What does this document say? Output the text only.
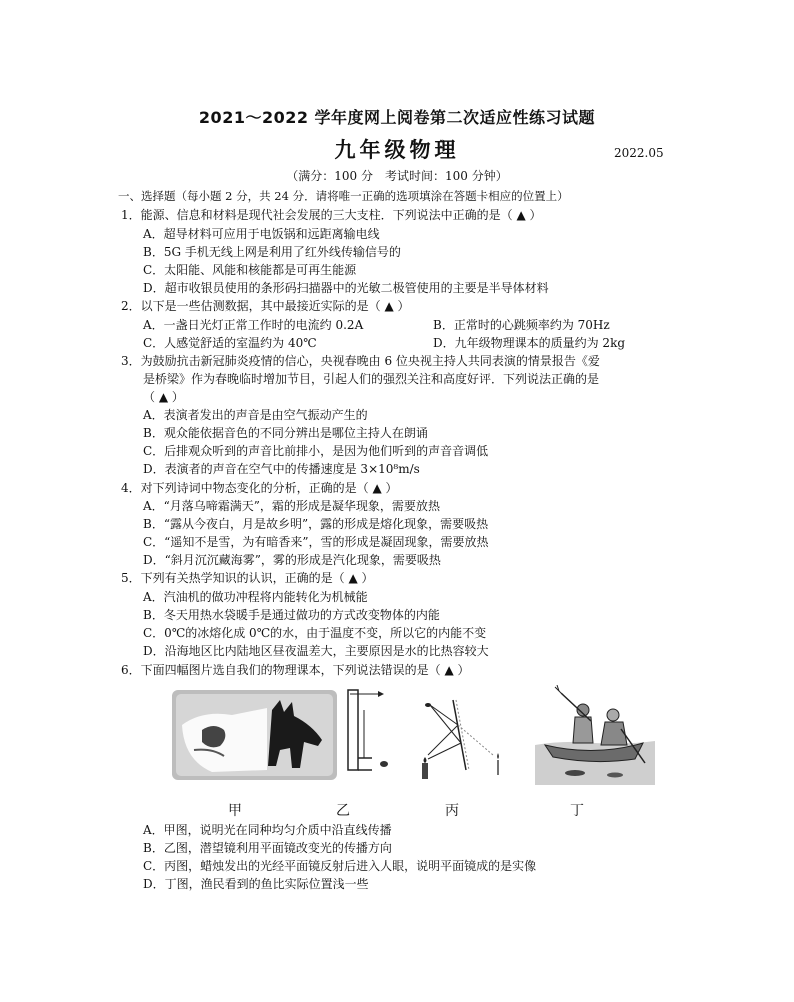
2021～2022 学年度网上阅卷第二次适应性练习试题
九年级物理	2022.05
（满分：100 分　考试时间：100 分钟）
一、选择题（每小题 2 分，共 24 分．请将唯一正确的选项填涂在答题卡相应的位置上）
1．能源、信息和材料是现代社会发展的三大支柱．下列说法中正确的是（ ▲ ）
A．超导材料可应用于电饭锅和远距离输电线
B．5G 手机无线上网是利用了红外线传输信号的
C．太阳能、风能和核能都是可再生能源
D．超市收银员使用的条形码扫描器中的光敏二极管使用的主要是半导体材料
2．以下是一些估测数据，其中最接近实际的是（ ▲ ）
A．一盏日光灯正常工作时的电流约 0.2A	B．正常时的心跳频率约为 70Hz
C．人感觉舒适的室温约为 40℃	D．九年级物理课本的质量约为 2kg
3．为鼓励抗击新冠肺炎疫情的信心，央视春晚由 6 位央视主持人共同表演的情景报告《爱
是桥梁》作为春晚临时增加节目，引起人们的强烈关注和高度好评．下列说法正确的是
（ ▲ ）
A．表演者发出的声音是由空气振动产生的
B．观众能依据音色的不同分辨出是哪位主持人在朗诵
C．后排观众听到的声音比前排小，是因为他们听到的声音音调低
D．表演者的声音在空气中的传播速度是 3×10⁸m/s
4．对下列诗词中物态变化的分析，正确的是（ ▲ ）
A．“月落乌啼霜满天”，霜的形成是凝华现象，需要放热
B．“露从今夜白，月是故乡明”，露的形成是熔化现象，需要吸热
C．“遥知不是雪，为有暗香来”，雪的形成是凝固现象，需要放热
D．“斜月沉沉藏海雾”，雾的形成是汽化现象，需要吸热
5．下列有关热学知识的认识，正确的是（ ▲ ）
A．汽油机的做功冲程将内能转化为机械能
B．冬天用热水袋暖手是通过做功的方式改变物体的内能
C．0℃的冰熔化成 0℃的水，由于温度不变，所以它的内能不变
D．沿海地区比内陆地区昼夜温差大，主要原因是水的比热容较大
6．下面四幅图片选自我们的物理课本，下列说法错误的是（ ▲ ）
甲	乙	丙	丁
A．甲图，说明光在同种均匀介质中沿直线传播
B．乙图，潜望镜利用平面镜改变光的传播方向
C．丙图，蜡烛发出的光经平面镜反射后进入人眼，说明平面镜成的是实像
D．丁图，渔民看到的鱼比实际位置浅一些
